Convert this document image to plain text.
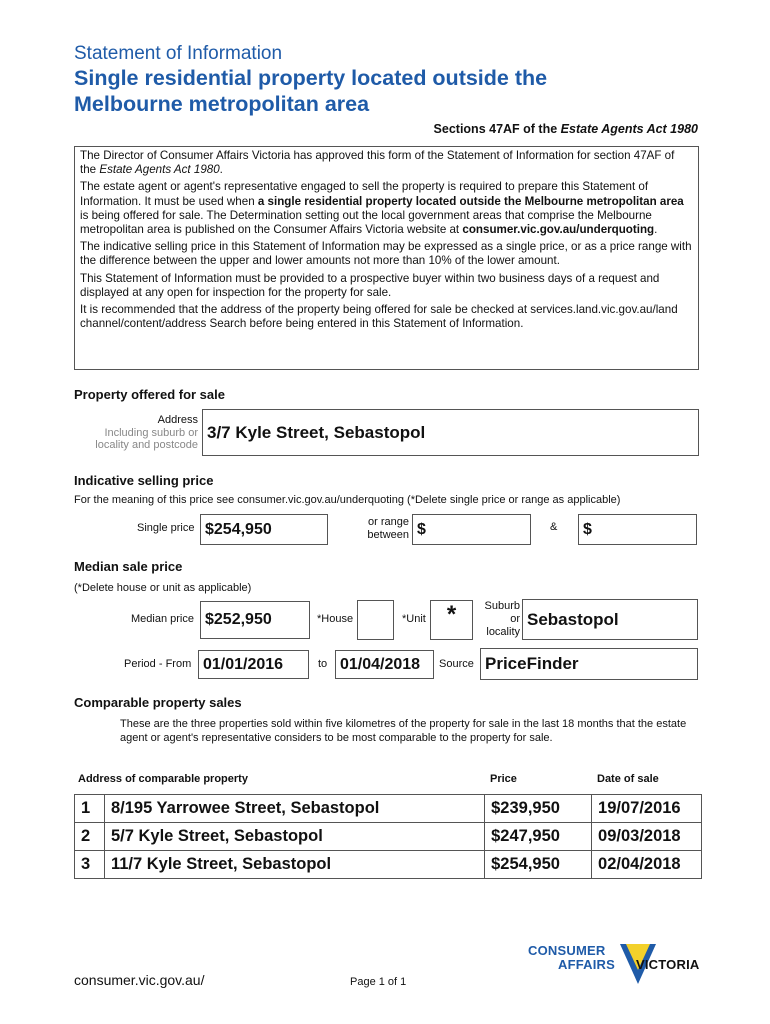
Statement of Information
Single residential property located outside the
Melbourne metropolitan area
Sections 47AF of the Estate Agents Act 1980

The Director of Consumer Affairs Victoria has approved this form of the Statement of Information for section 47AF of the Estate Agents Act 1980.

The estate agent or agent's representative engaged to sell the property is required to prepare this Statement of Information. It must be used when a single residential property located outside the Melbourne metropolitan area is being offered for sale. The Determination setting out the local government areas that comprise the Melbourne metropolitan area is published on the Consumer Affairs Victoria website at consumer.vic.gov.au/underquoting.

The indicative selling price in this Statement of Information may be expressed as a single price, or as a price range with the difference between the upper and lower amounts not more than 10% of the lower amount.

This Statement of Information must be provided to a prospective buyer within two business days of a request and displayed at any open for inspection for the property for sale.

It is recommended that the address of the property being offered for sale be checked at services.land.vic.gov.au/land channel/content/address Search before being entered in this Statement of Information.

Property offered for sale
Address
Including suburb or
locality and postcode
3/7 Kyle Street, Sebastopol
Indicative selling price
For the meaning of this price see consumer.vic.gov.au/underquoting (*Delete single price or range as applicable)
Single price $254,950	or range
between $	& $
Median sale price
(*Delete house or unit as applicable)
Median price $252,950	*House	*Unit *	Suburb
or
locality
Sebastopol
Period - From 01/01/2016	to 01/04/2018 Source PriceFinder
Comparable property sales
These are the three properties sold within five kilometres of the property for sale in the last 18 months that the estate agent or agent's representative considers to be most comparable to the property for sale.
Address of comparable property	Price	Date of sale
1	8/195 Yarrowee Street, Sebastopol	$239,950	19/07/2016
2	5/7 Kyle Street, Sebastopol	$247,950	09/03/2018
3	11/7 Kyle Street, Sebastopol	$254,950	02/04/2018
CONSUMER
AFFAIRS VICTORIA
consumer.vic.gov.au/	Page 1 of 1
